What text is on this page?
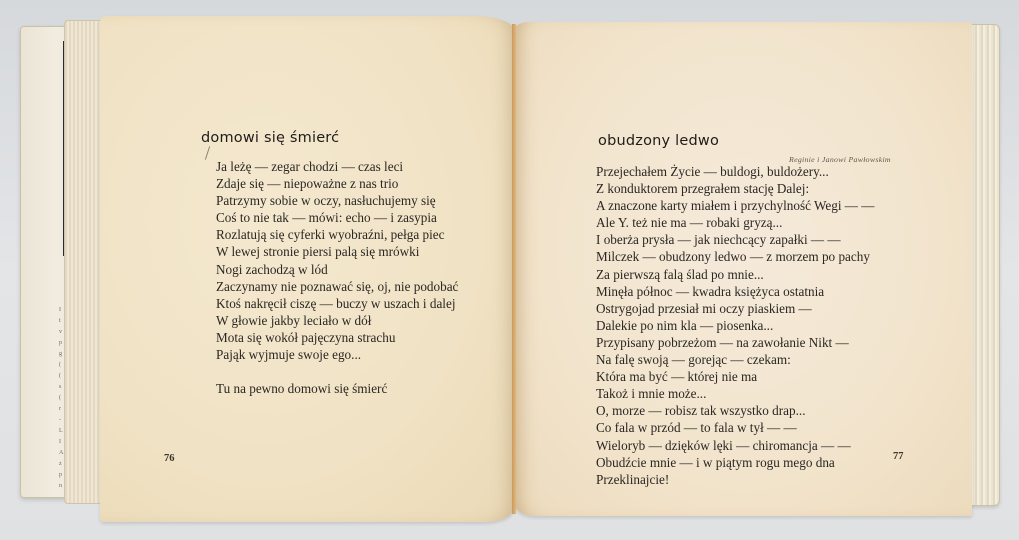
I
t
v
p
g
(
(
s
(
r
-
L
I
A
z
p
n
domowi się śmierć
Ja leżę — zegar chodzi — czas leci
Zdaje się — niepoważne z nas trio
Patrzymy sobie w oczy, nasłuchujemy się
Coś to nie tak — mówi: echo — i zasypia
Rozlatują się cyferki wyobraźni, pełga piec
W lewej stronie piersi palą się mrówki
Nogi zachodzą w lód
Zaczynamy nie poznawać się, oj, nie podobać
Ktoś nakręcił ciszę — buczy w uszach i dalej
W głowie jakby leciało w dół
Mota się wokół pajęczyna strachu
Pająk wyjmuje swoje ego...
Tu na pewno domowi się śmierć
76
obudzony ledwo
Reginie i Janowi Pawłowskim
Przejechałem Życie — buldogi, buldożery...
Z konduktorem przegrałem stację Dalej:
A znaczone karty miałem i przychylność Wegi — —
Ale Y. też nie ma — robaki gryzą...
I oberża prysła — jak niechcący zapałki — —
Milczek — obudzony ledwo — z morzem po pachy
Za pierwszą falą ślad po mnie...
Minęła północ — kwadra księżyca ostatnia
Ostrygojad przesiał mi oczy piaskiem —
Dalekie po nim kla — piosenka...
Przypisany pobrzeżom — na zawołanie Nikt —
Na falę swoją — gorejąc — czekam:
Która ma być — której nie ma
Takoż i mnie może...
O, morze — robisz tak wszystko drap...
Co fala w przód — to fala w tył — —
Wieloryb — dzięków lęki — chiromancja — —
Obudźcie mnie — i w piątym rogu mego dna
Przeklinajcie!
77
